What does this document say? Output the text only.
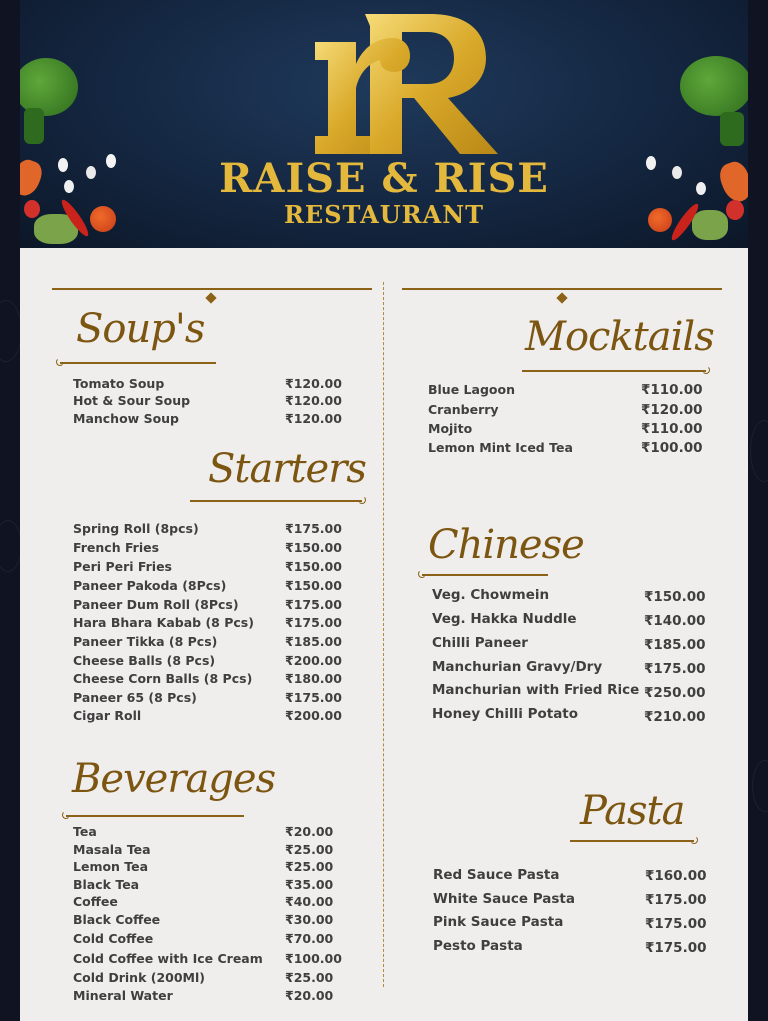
RAISE & RISE
RESTAURANT
Soup's
Tomato Soup	₹120.00
Hot & Sour Soup	₹120.00
Manchow Soup	₹120.00
Starters
Spring Roll (8pcs)	₹175.00
French Fries	₹150.00
Peri Peri Fries	₹150.00
Paneer Pakoda (8Pcs)	₹150.00
Paneer Dum Roll (8Pcs)	₹175.00
Hara Bhara Kabab (8 Pcs) ₹175.00
Paneer Tikka (8 Pcs)	₹185.00
Cheese Balls (8 Pcs)	₹200.00
Cheese Corn Balls (8 Pcs)	₹180.00
Paneer 65 (8 Pcs)	₹175.00
Cigar Roll	₹200.00
Beverages
Tea	₹20.00
Masala Tea	₹25.00
Lemon Tea	₹25.00
Black Tea	₹35.00
Coffee	₹40.00
Black Coffee	₹30.00
Cold Coffee	₹70.00
Cold Coffee with Ice Cream ₹100.00
Cold Drink (200Ml)	₹25.00
Mineral Water	₹20.00
Mocktails
Blue Lagoon	₹110.00
Cranberry	₹120.00
Mojito	₹110.00
Lemon Mint Iced Tea	₹100.00
Chinese
Veg. Chowmein	₹150.00
Veg. Hakka Nuddle	₹140.00
Chilli Paneer	₹185.00
Manchurian Gravy/Dry	₹175.00
Manchurian with Fried Rice ₹250.00
Honey Chilli Potato	₹210.00
Pasta
Red Sauce Pasta	₹160.00
White Sauce Pasta	₹175.00
Pink Sauce Pasta	₹175.00
Pesto Pasta	₹175.00
